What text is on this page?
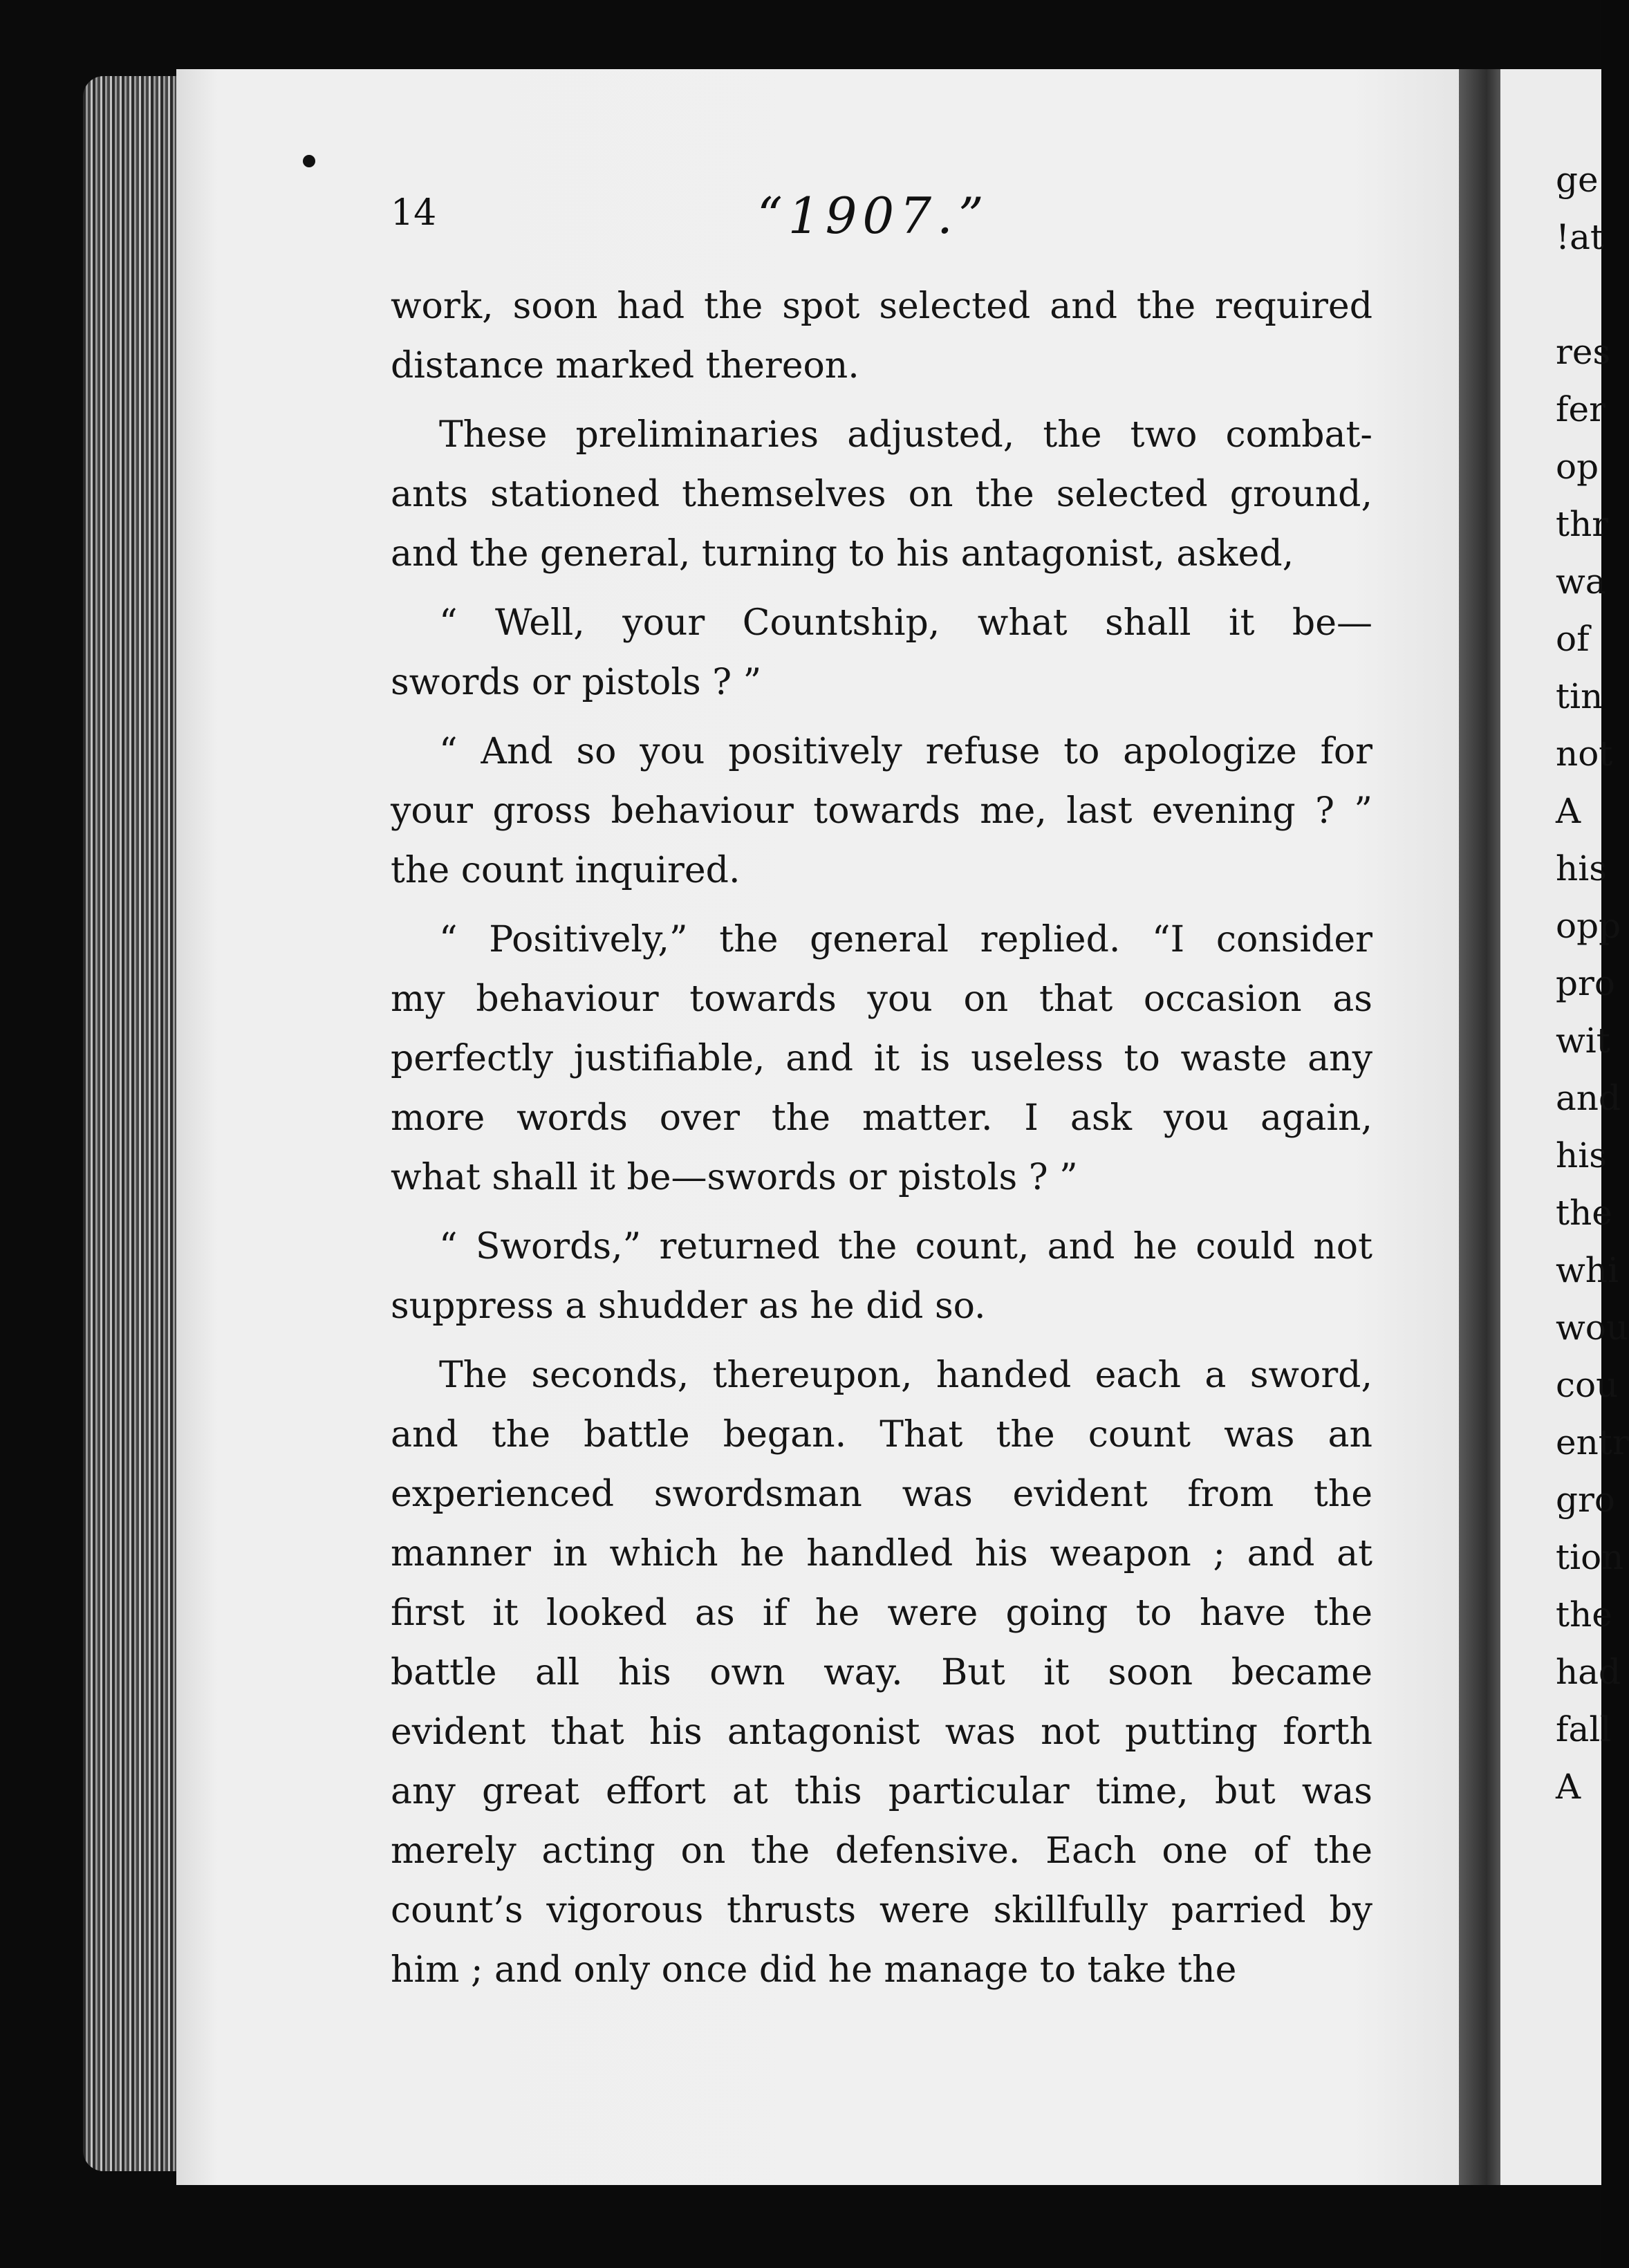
ge
!at
res
fer
op
thr
wa
of
tin
not
A
his
opp
pro
wit
and
his
the
whi
wou
cou
entr
gro
tion
the
had
fall
A
14	“1907.”
work, soon had the spot selected and the required
distance marked thereon.
These preliminaries adjusted, the two combat-
ants stationed themselves on the selected ground,
and the general, turning to his antagonist, asked,
“ Well, your Countship, what shall it be—
swords or pistols ? ”
“ And so you positively refuse to apologize for
your gross behaviour towards me, last evening ? ”
the count inquired.
“ Positively,” the general replied. “I consider
my behaviour towards you on that occasion as
perfectly justifiable, and it is useless to waste any
more words over the matter. I ask you again,
what shall it be—swords or pistols ? ”
“ Swords,” returned the count, and he could not
suppress a shudder as he did so.
The seconds, thereupon, handed each a sword,
and the battle began. That the count was an
experienced swordsman was evident from the
manner in which he handled his weapon ; and at
first it looked as if he were going to have the
battle all his own way. But it soon became
evident that his antagonist was not putting forth
any great effort at this particular time, but was
merely acting on the defensive. Each one of the
count’s vigorous thrusts were skillfully parried by
him ; and only once did he manage to take the
